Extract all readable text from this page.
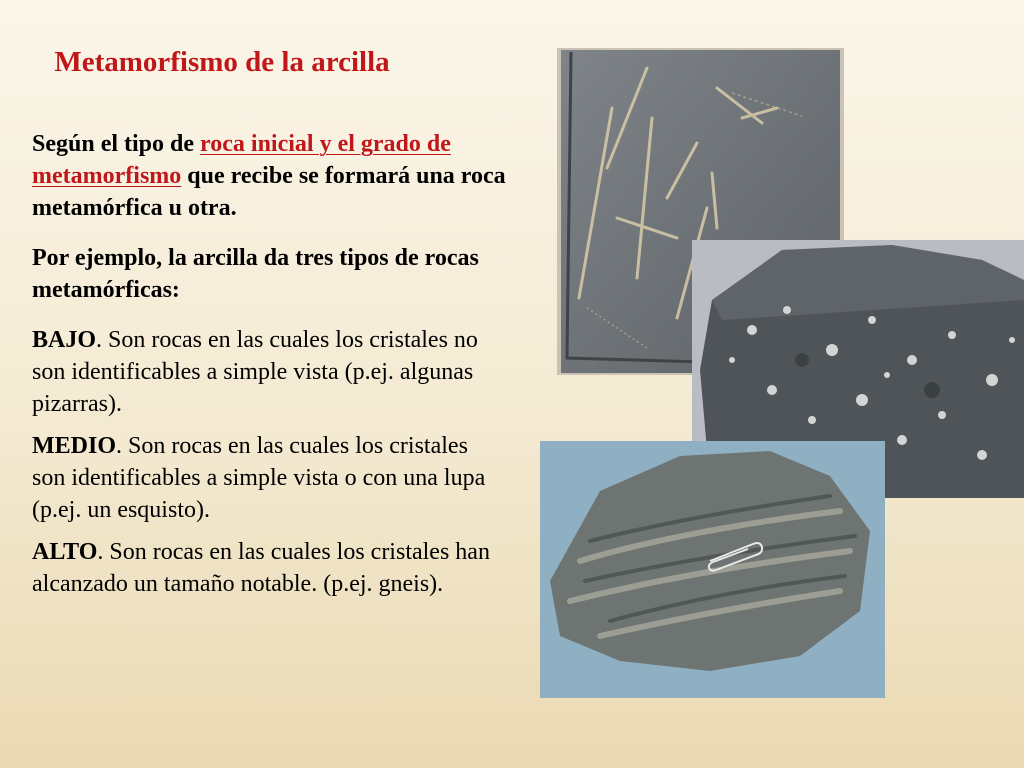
Metamorfismo de la arcilla

Según el tipo de roca inicial y el grado de metamorfismo que recibe se formará una roca metamórfica u otra.

Por ejemplo, la arcilla da tres tipos de rocas metamórficas:

BAJO. Son rocas en las cuales los cristales no son identificables a simple vista (p.ej. algunas pizarras).

MEDIO. Son rocas en las cuales los cristales son identificables a simple vista o con una lupa (p.ej. un esquisto).

ALTO. Son rocas en las cuales los cristales han alcanzado un tamaño notable. (p.ej. gneis).
